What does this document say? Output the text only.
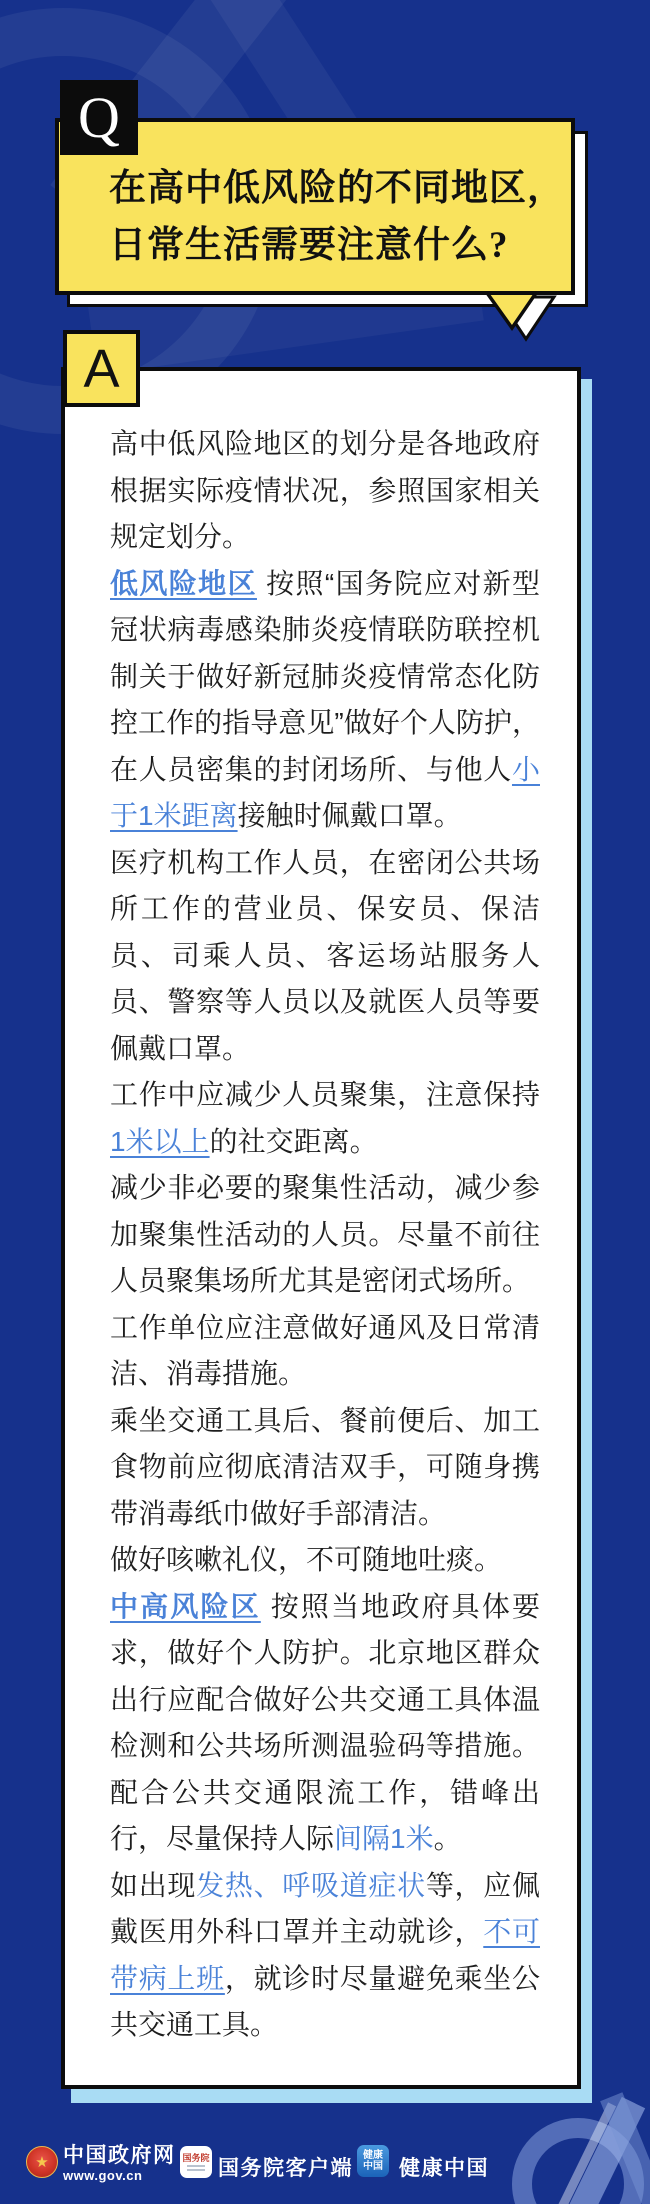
Q
在高中低风险的不同地区，
日常生活需要注意什么?
A

高中低风险地区的划分是各地政府根据实际疫情状况，参照国家相关规定划分。

低风险地区 按照“国务院应对新型冠状病毒感染肺炎疫情联防联控机制关于做好新冠肺炎疫情常态化防控工作的指导意见”做好个人防护，在人员密集的封闭场所、与他人小于1米距离接触时佩戴口罩。

医疗机构工作人员，在密闭公共场所工作的营业员、保安员、保洁员、司乘人员、客运场站服务人员、警察等人员以及就医人员等要佩戴口罩。

工作中应减少人员聚集，注意保持1米以上的社交距离。

减少非必要的聚集性活动，减少参加聚集性活动的人员。尽量不前往人员聚集场所尤其是密闭式场所。

工作单位应注意做好通风及日常清洁、消毒措施。

乘坐交通工具后、餐前便后、加工食物前应彻底清洁双手，可随身携带消毒纸巾做好手部清洁。

做好咳嗽礼仪，不可随地吐痰。

中高风险区 按照当地政府具体要求，做好个人防护。北京地区群众出行应配合做好公共交通工具体温检测和公共场所测温验码等措施。配合公共交通限流工作，错峰出行，尽量保持人际间隔1米。

如出现发热、呼吸道症状等，应佩戴医用外科口罩并主动就诊，不可带病上班，就诊时尽量避免乘坐公共交通工具。

★ 中国政府网
www.gov.cn
国务院 国务院客户端
健康
中国 健康中国
